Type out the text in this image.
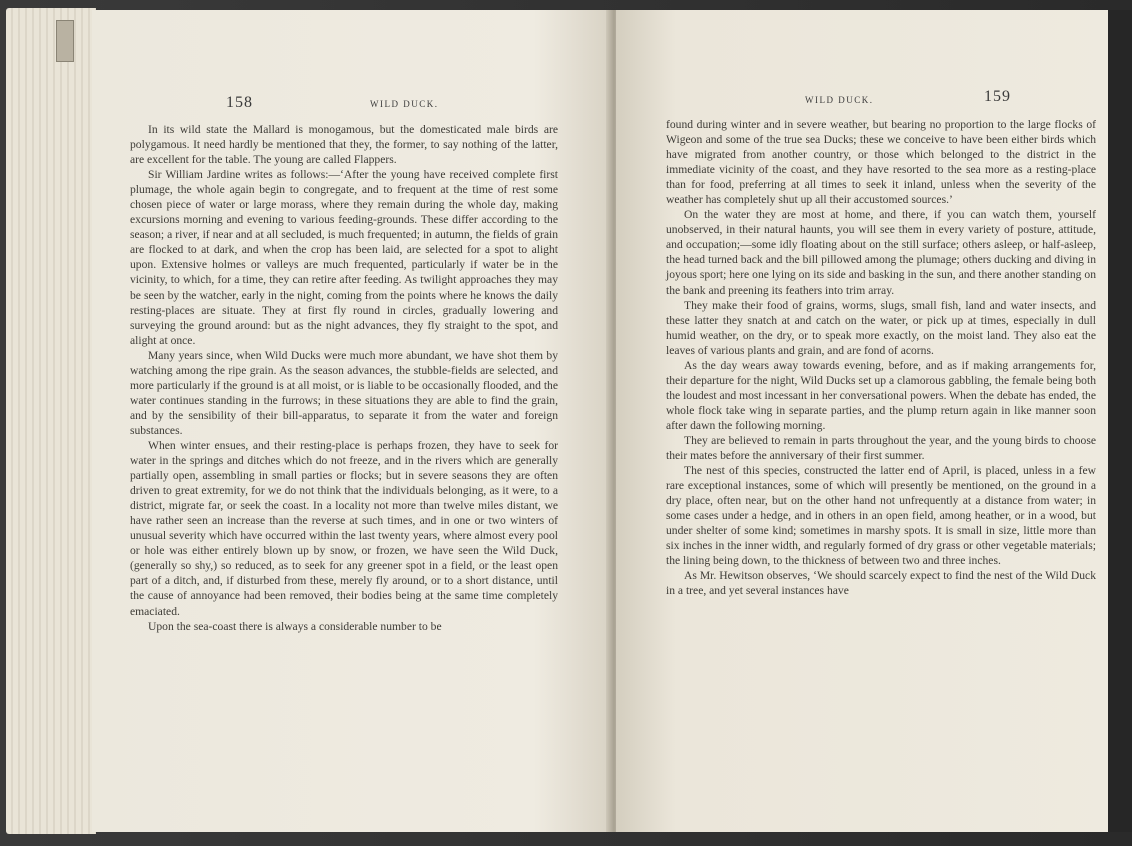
158	WILD DUCK.

In its wild state the Mallard is monogamous, but the domesticated male birds are polygamous. It need hardly be mentioned that they, the former, to say nothing of the latter, are excellent for the table. The young are called Flappers.

Sir William Jardine writes as follows:—‘After the young have received complete first plumage, the whole again begin to congregate, and to frequent at the time of rest some chosen piece of water or large morass, where they remain during the whole day, making excursions morning and evening to various feeding-grounds. These differ according to the season; a river, if near and at all secluded, is much frequented; in autumn, the fields of grain are flocked to at dark, and when the crop has been laid, are selected for a spot to alight upon. Extensive holmes or valleys are much frequented, particularly if water be in the vicinity, to which, for a time, they can retire after feeding. As twilight approaches they may be seen by the watcher, early in the night, coming from the points where he knows the daily resting-places are situate. They at first fly round in circles, gradually lowering and surveying the ground around: but as the night advances, they fly straight to the spot, and alight at once.

Many years since, when Wild Ducks were much more abundant, we have shot them by watching among the ripe grain. As the season advances, the stubble-fields are selected, and more particularly if the ground is at all moist, or is liable to be occasionally flooded, and the water continues standing in the furrows; in these situations they are able to find the grain, and by the sensibility of their bill-apparatus, to separate it from the water and foreign substances.

When winter ensues, and their resting-place is perhaps frozen, they have to seek for water in the springs and ditches which do not freeze, and in the rivers which are generally partially open, assembling in small parties or flocks; but in severe seasons they are often driven to great extremity, for we do not think that the individuals belonging, as it were, to a district, migrate far, or seek the coast. In a locality not more than twelve miles distant, we have rather seen an increase than the reverse at such times, and in one or two winters of unusual severity which have occurred within the last twenty years, where almost every pool or hole was either entirely blown up by snow, or frozen, we have seen the Wild Duck, (generally so shy,) so reduced, as to seek for any greener spot in a field, or the least open part of a ditch, and, if disturbed from these, merely fly around, or to a short distance, until the cause of annoyance had been removed, their bodies being at the same time completely emaciated.

Upon the sea-coast there is always a considerable number to be

WILD DUCK.	159

found during winter and in severe weather, but bearing no proportion to the large flocks of Wigeon and some of the true sea Ducks; these we conceive to have been either birds which have migrated from another country, or those which belonged to the district in the immediate vicinity of the coast, and they have resorted to the sea more as a resting-place than for food, preferring at all times to seek it inland, unless when the severity of the weather has completely shut up all their accustomed sources.’

On the water they are most at home, and there, if you can watch them, yourself unobserved, in their natural haunts, you will see them in every variety of posture, attitude, and occupation;—some idly floating about on the still surface; others asleep, or half-asleep, the head turned back and the bill pillowed among the plumage; others ducking and diving in joyous sport; here one lying on its side and basking in the sun, and there another standing on the bank and preening its feathers into trim array.

They make their food of grains, worms, slugs, small fish, land and water insects, and these latter they snatch at and catch on the water, or pick up at times, especially in dull humid weather, on the dry, or to speak more exactly, on the moist land. They also eat the leaves of various plants and grain, and are fond of acorns.

As the day wears away towards evening, before, and as if making arrangements for, their departure for the night, Wild Ducks set up a clamorous gabbling, the female being both the loudest and most incessant in her conversational powers. When the debate has ended, the whole flock take wing in separate parties, and the plump return again in like manner soon after dawn the following morning.

They are believed to remain in parts throughout the year, and the young birds to choose their mates before the anniversary of their first summer.

The nest of this species, constructed the latter end of April, is placed, unless in a few rare exceptional instances, some of which will presently be mentioned, on the ground in a dry place, often near, but on the other hand not unfrequently at a distance from water; in some cases under a hedge, and in others in an open field, among heather, or in a wood, but under shelter of some kind; sometimes in marshy spots. It is small in size, little more than six inches in the inner width, and regularly formed of dry grass or other vegetable materials; the lining being down, to the thickness of between two and three inches.

As Mr. Hewitson observes, ‘We should scarcely expect to find the nest of the Wild Duck in a tree, and yet several instances have
